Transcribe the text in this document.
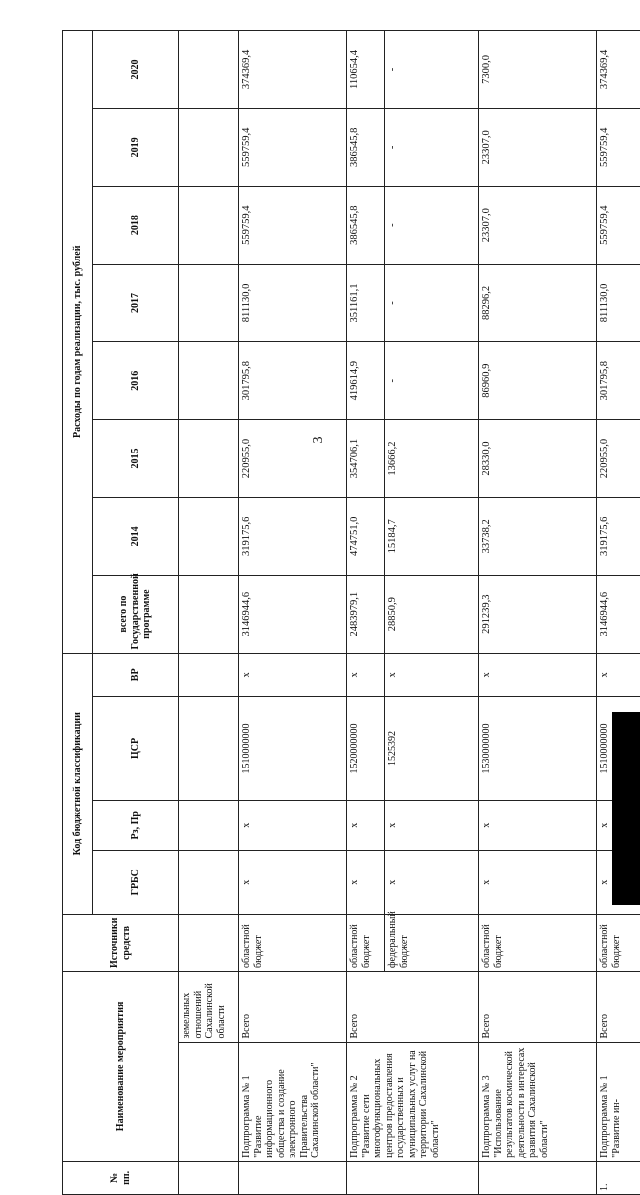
3
№ пп.	Наименование мероприятия		Источники средств	Код бюджетной классификации				Расходы по годам реализации, тыс. рублей							
				ГРБС	Рз, Пр	ЦСР	ВР	всего по Государственной программе	2014	2015	2016	2017	2018	2019	2020
		земельных отношений Сахалинской области													
	Подпрограмма № 1 "Развитие информационного общества и создание электронного Правительства Сахалинской области"	Всего	областной бюджет	х	х	1510000000	х	3146944,6	319175,6	220955,0	301795,8	811130,0	559759,4	559759,4	374369,4
	Подпрограмма № 2 "Развитие сети многофункциональных центров предоставления государственных и муниципальных услуг на территории Сахалинской области"	Всего	областной бюджет	х	х	1520000000	х	2483979,1	474751,0	354706,1	419614,9	351161,1	386545,8	386545,8	110654,4
			федеральный бюджет	х	х	1525392	х	28850,9	15184,7	13666,2	-	-	-	-	-
	Подпрограмма № 3 "Использование результатов космической деятельности в интересах развития Сахалинской области"	Всего	областной бюджет	х	х	1530000000	х	291239,3	33738,2	28330,0	86960,9	88296,2	23307,0	23307,0	7300,0
1.	Подпрограмма № 1 "Развитие ин-	Всего	областной бюджет	х	х	1510000000	х	3146944,6	319175,6	220955,0	301795,8	811130,0	559759,4	559759,4	374369,4
